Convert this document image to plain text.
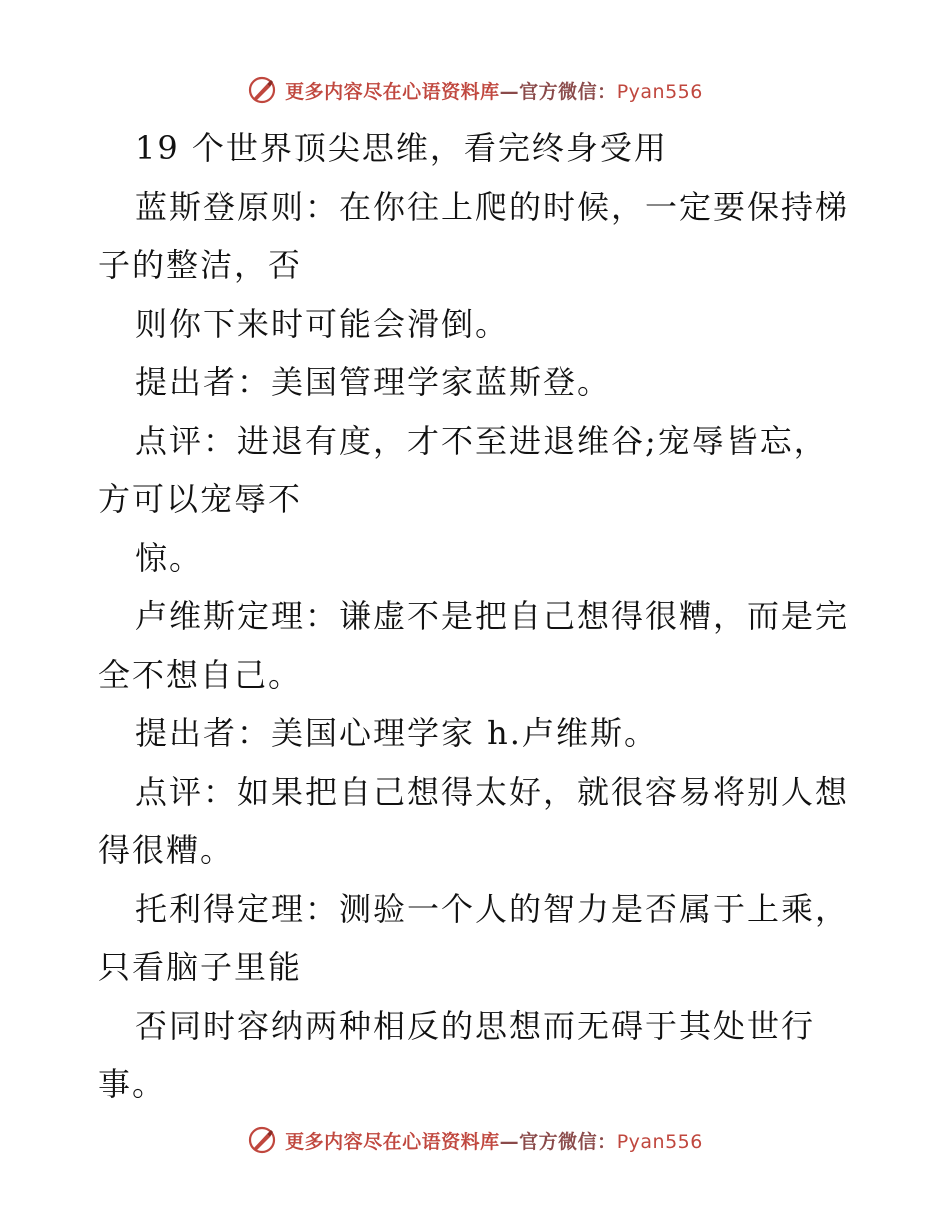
更多内容尽在心语资料库—官方微信：Pyan556
19 个世界顶尖思维，看完终身受用
蓝斯登原则：在你往上爬的时候，一定要保持梯
子的整洁，否
则你下来时可能会滑倒。
提出者：美国管理学家蓝斯登。
点评：进退有度，才不至进退维谷;宠辱皆忘，
方可以宠辱不
惊。
卢维斯定理：谦虚不是把自己想得很糟，而是完
全不想自己。
提出者：美国心理学家 h.卢维斯。
点评：如果把自己想得太好，就很容易将别人想
得很糟。
托利得定理：测验一个人的智力是否属于上乘，
只看脑子里能
否同时容纳两种相反的思想而无碍于其处世行
事。
更多内容尽在心语资料库—官方微信：Pyan556
